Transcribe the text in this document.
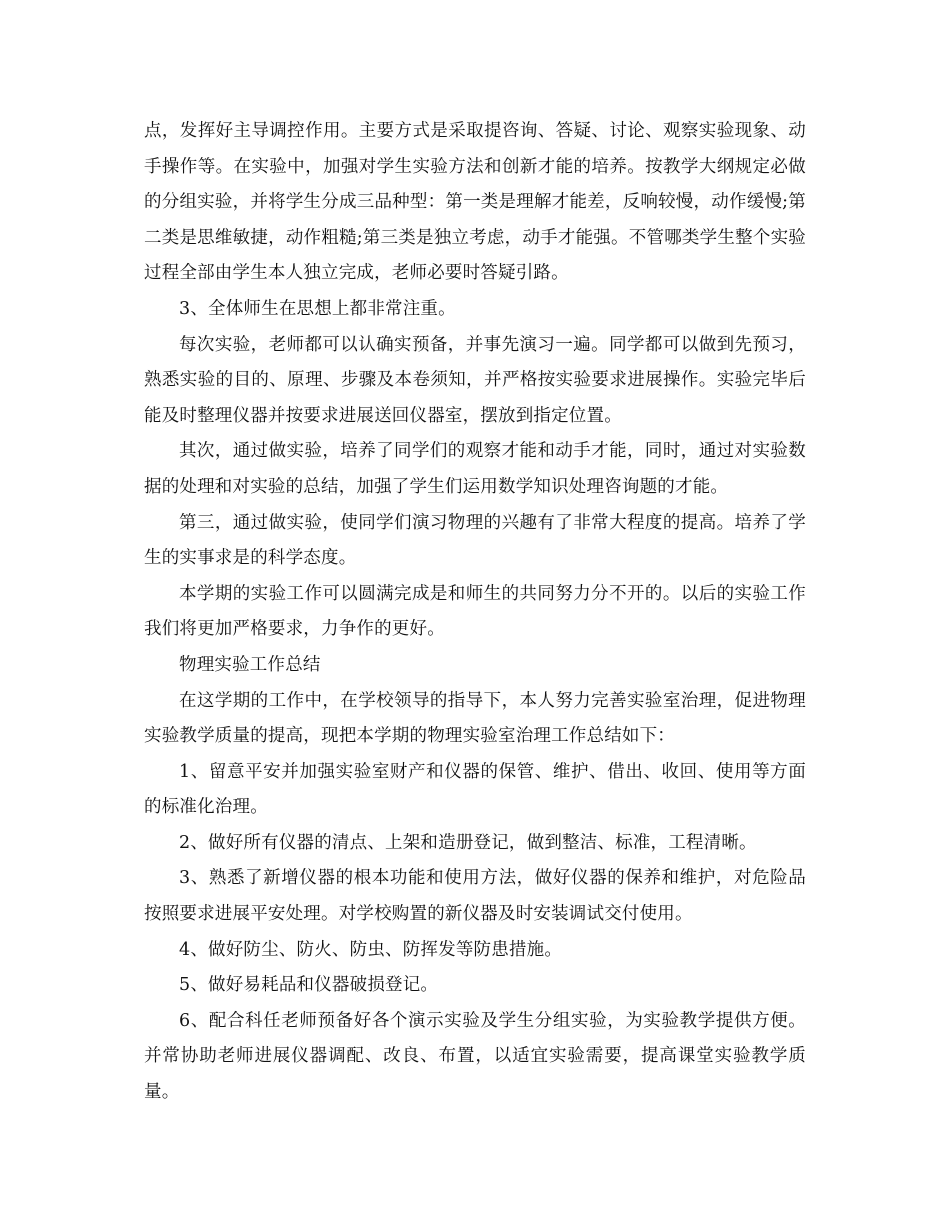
点，发挥好主导调控作用。主要方式是采取提咨询、答疑、讨论、观察实验现象、动手操作等。在实验中，加强对学生实验方法和创新才能的培养。按教学大纲规定必做的分组实验，并将学生分成三品种型：第一类是理解才能差，反响较慢，动作缓慢;第二类是思维敏捷，动作粗糙;第三类是独立考虑，动手才能强。不管哪类学生整个实验过程全部由学生本人独立完成，老师必要时答疑引路。

3、全体师生在思想上都非常注重。

每次实验，老师都可以认确实预备，并事先演习一遍。同学都可以做到先预习，熟悉实验的目的、原理、步骤及本卷须知，并严格按实验要求进展操作。实验完毕后能及时整理仪器并按要求进展送回仪器室，摆放到指定位置。

其次，通过做实验，培养了同学们的观察才能和动手才能，同时，通过对实验数据的处理和对实验的总结，加强了学生们运用数学知识处理咨询题的才能。

第三，通过做实验，使同学们演习物理的兴趣有了非常大程度的提高。培养了学生的实事求是的科学态度。

本学期的实验工作可以圆满完成是和师生的共同努力分不开的。以后的实验工作我们将更加严格要求，力争作的更好。

物理实验工作总结

在这学期的工作中，在学校领导的指导下，本人努力完善实验室治理，促进物理实验教学质量的提高，现把本学期的物理实验室治理工作总结如下：

1、留意平安并加强实验室财产和仪器的保管、维护、借出、收回、使用等方面的标准化治理。

2、做好所有仪器的清点、上架和造册登记，做到整洁、标准，工程清晰。

3、熟悉了新增仪器的根本功能和使用方法，做好仪器的保养和维护，对危险品按照要求进展平安处理。对学校购置的新仪器及时安装调试交付使用。

4、做好防尘、防火、防虫、防挥发等防患措施。

5、做好易耗品和仪器破损登记。

6、配合科任老师预备好各个演示实验及学生分组实验，为实验教学提供方便。并常协助老师进展仪器调配、改良、布置，以适宜实验需要，提高课堂实验教学质量。
